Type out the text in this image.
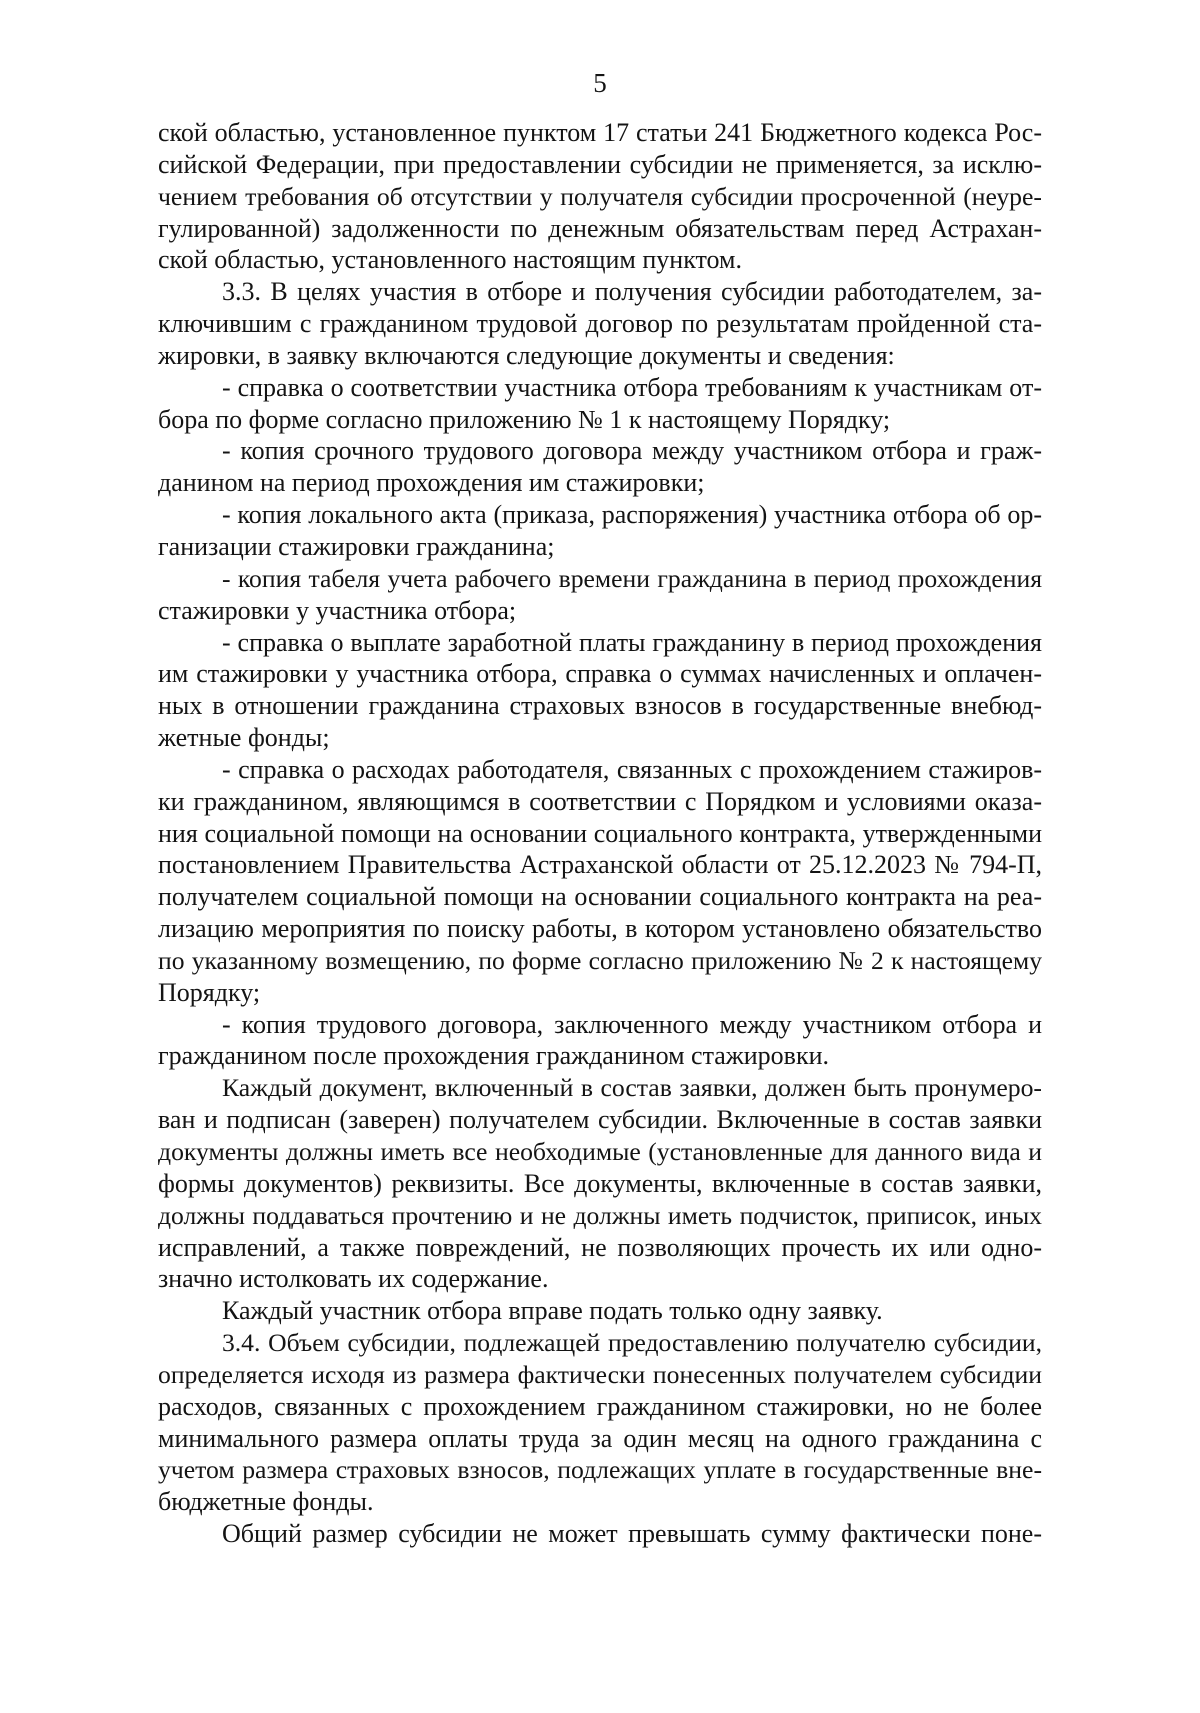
5
ской областью, установленное пунктом 17 статьи 241 Бюджетного кодекса Рос-
сийской Федерации, при предоставлении субсидии не применяется, за исклю-
чением требования об отсутствии у получателя субсидии просроченной (неуре-
гулированной) задолженности по денежным обязательствам перед Астрахан-
ской областью, установленного настоящим пунктом.
3.3. В целях участия в отборе и получения субсидии работодателем, за-
ключившим с гражданином трудовой договор по результатам пройденной ста-
жировки, в заявку включаются следующие документы и сведения:
- справка о соответствии участника отбора требованиям к участникам от-
бора по форме согласно приложению № 1 к настоящему Порядку;
- копия срочного трудового договора между участником отбора и граж-
данином на период прохождения им стажировки;
- копия локального акта (приказа, распоряжения) участника отбора об ор-
ганизации стажировки гражданина;
- копия табеля учета рабочего времени гражданина в период прохождения
стажировки у участника отбора;
- справка о выплате заработной платы гражданину в период прохождения
им стажировки у участника отбора, справка о суммах начисленных и оплачен-
ных в отношении гражданина страховых взносов в государственные внебюд-
жетные фонды;
- справка о расходах работодателя, связанных с прохождением стажиров-
ки гражданином, являющимся в соответствии с Порядком и условиями оказа-
ния социальной помощи на основании социального контракта, утвержденными
постановлением Правительства Астраханской области от 25.12.2023 № 794-П,
получателем социальной помощи на основании социального контракта на реа-
лизацию мероприятия по поиску работы, в котором установлено обязательство
по указанному возмещению, по форме согласно приложению № 2 к настоящему
Порядку;
- копия трудового договора, заключенного между участником отбора и
гражданином после прохождения гражданином стажировки.
Каждый документ, включенный в состав заявки, должен быть пронумеро-
ван и подписан (заверен) получателем субсидии. Включенные в состав заявки
документы должны иметь все необходимые (установленные для данного вида и
формы документов) реквизиты. Все документы, включенные в состав заявки,
должны поддаваться прочтению и не должны иметь подчисток, приписок, иных
исправлений, а также повреждений, не позволяющих прочесть их или одно-
значно истолковать их содержание.
Каждый участник отбора вправе подать только одну заявку.
3.4. Объем субсидии, подлежащей предоставлению получателю субсидии,
определяется исходя из размера фактически понесенных получателем субсидии
расходов, связанных с прохождением гражданином стажировки, но не более
минимального размера оплаты труда за один месяц на одного гражданина с
учетом размера страховых взносов, подлежащих уплате в государственные вне-
бюджетные фонды.
Общий размер субсидии не может превышать сумму фактически поне-
